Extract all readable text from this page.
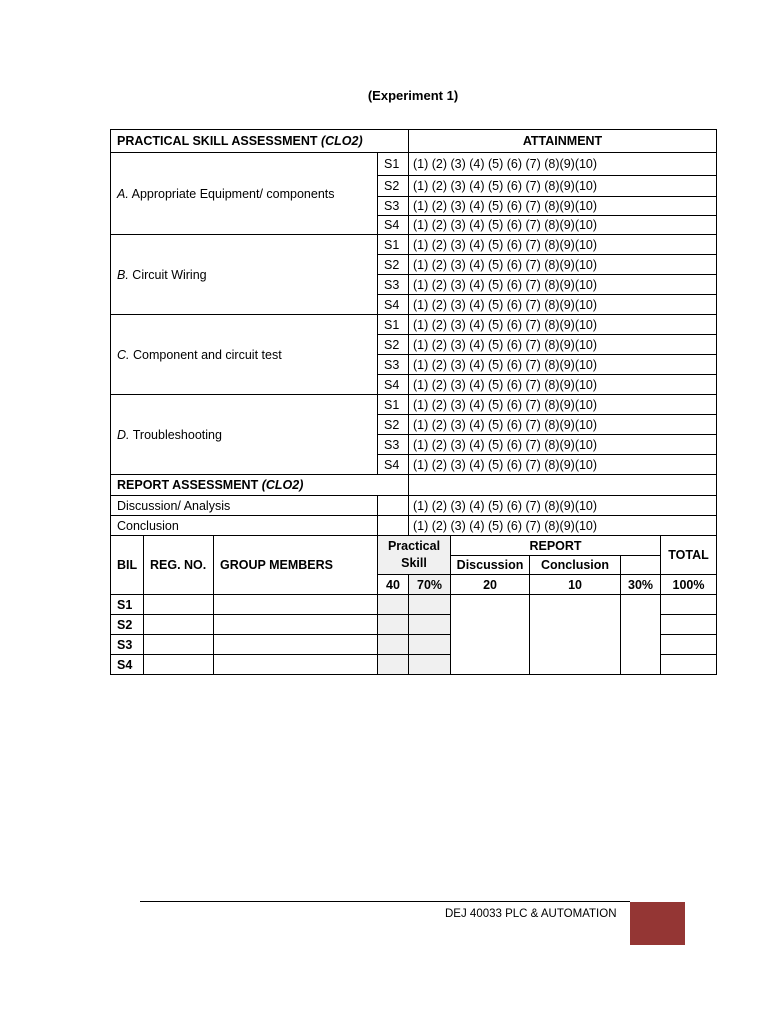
(Experiment 1)
PRACTICAL SKILL ASSESSMENT (CLO2)				ATTAINMENT				
A. Appropriate Equipment/ components			S1	(1) (2) (3) (4) (5) (6) (7) (8)(9)(10)				
			S2	(1) (2) (3) (4) (5) (6) (7) (8)(9)(10)				
			S3	(1) (2) (3) (4) (5) (6) (7) (8)(9)(10)				
			S4	(1) (2) (3) (4) (5) (6) (7) (8)(9)(10)				
B. Circuit Wiring			S1	(1) (2) (3) (4) (5) (6) (7) (8)(9)(10)				
			S2	(1) (2) (3) (4) (5) (6) (7) (8)(9)(10)				
			S3	(1) (2) (3) (4) (5) (6) (7) (8)(9)(10)				
			S4	(1) (2) (3) (4) (5) (6) (7) (8)(9)(10)				
C. Component and circuit test			S1	(1) (2) (3) (4) (5) (6) (7) (8)(9)(10)				
			S2	(1) (2) (3) (4) (5) (6) (7) (8)(9)(10)				
			S3	(1) (2) (3) (4) (5) (6) (7) (8)(9)(10)				
			S4	(1) (2) (3) (4) (5) (6) (7) (8)(9)(10)				
D. Troubleshooting			S1	(1) (2) (3) (4) (5) (6) (7) (8)(9)(10)				
			S2	(1) (2) (3) (4) (5) (6) (7) (8)(9)(10)				
			S3	(1) (2) (3) (4) (5) (6) (7) (8)(9)(10)				
			S4	(1) (2) (3) (4) (5) (6) (7) (8)(9)(10)				
REPORT ASSESSMENT (CLO2)								
Discussion/ Analysis				(1) (2) (3) (4) (5) (6) (7) (8)(9)(10)				
Conclusion				(1) (2) (3) (4) (5) (6) (7) (8)(9)(10)				
BIL	REG. NO.	GROUP MEMBERS	Practical Skill		REPORT			TOTAL
					Discussion	Conclusion		
			40	70%	20	10	30%	100%
S1								
S2								
S3								
S4								
DEJ 40033 PLC & AUTOMATION
